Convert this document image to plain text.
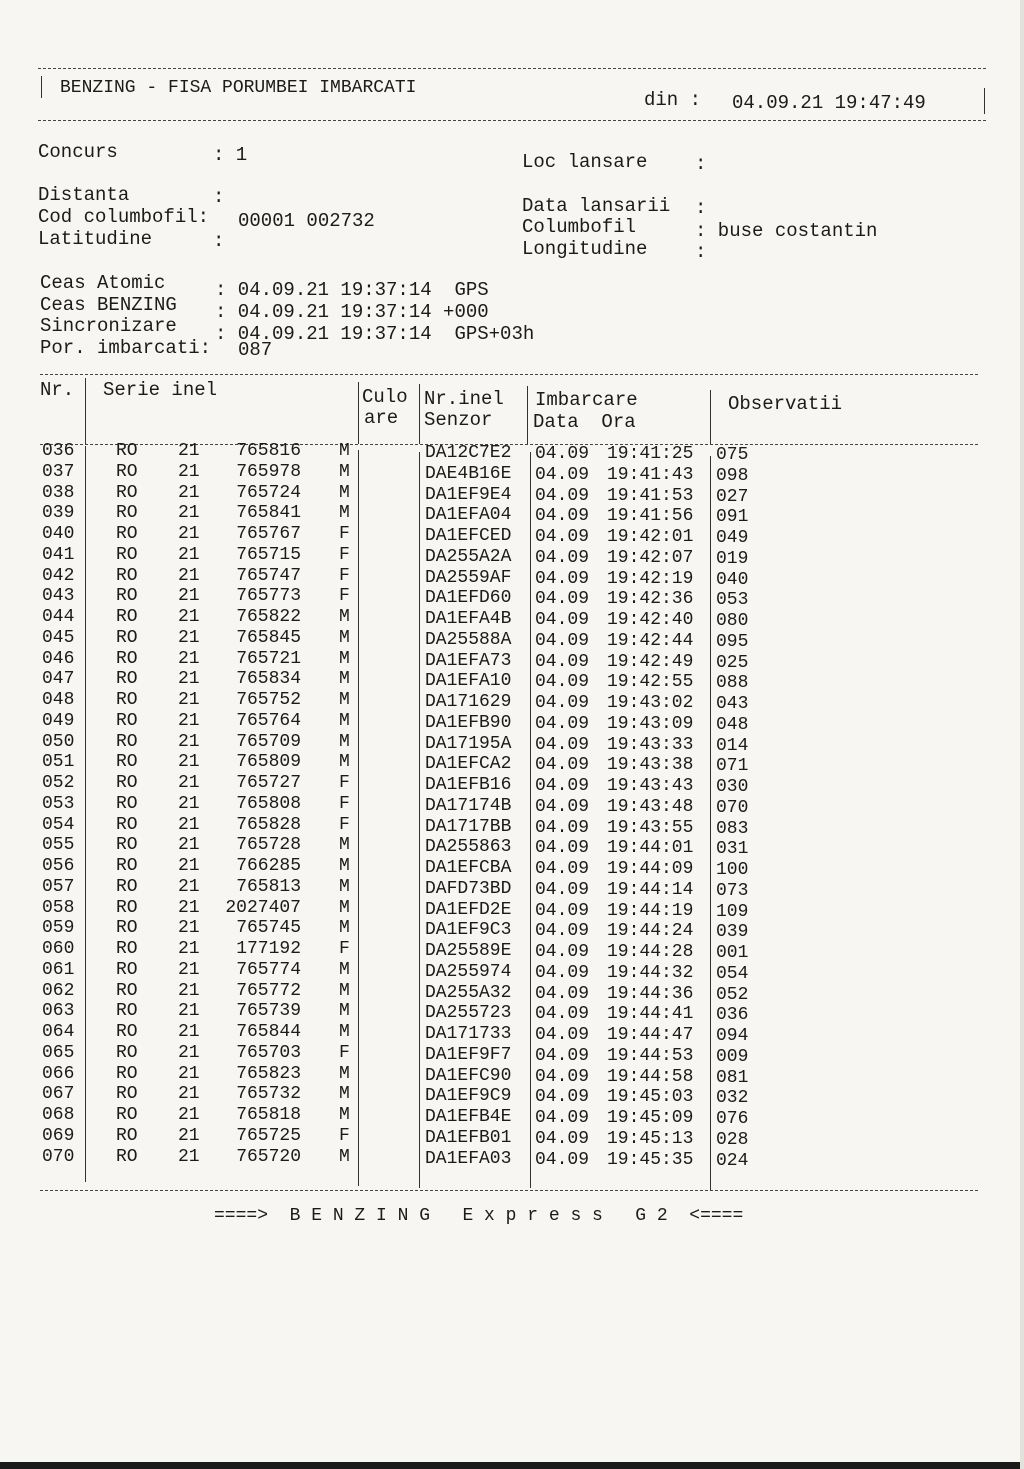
BENZING - FISA PORUMBEI IMBARCATI
din : 04.09.21 19:47:49
Concurs	: 1	Loc lansare	:
Distanta	:
Cod columbofil: 00001 002732
Latitudine	:
Data lansarii :
Columbofil	: buse costantin
Longitudine	:
Ceas Atomic	: 04.09.21 19:37:14  GPS
Ceas BENZING : 04.09.21 19:37:14 +000
Sincronizare : 04.09.21 19:37:14  GPS+03h
Por. imbarcati: 087
Nr. Serie inel	Culo
are
Nr.inel
Senzor
Imbarcare
Data  Ora
Observatii
036 RO 21 765816 M	DA12C7E2 04.09 19:41:25 075
037 RO 21 765978 M	DAE4B16E 04.09 19:41:43 098
038 RO 21 765724 M	DA1EF9E4 04.09 19:41:53 027
039 RO 21 765841 M	DA1EFA04 04.09 19:41:56 091
040 RO 21 765767 F	DA1EFCED 04.09 19:42:01 049
041 RO 21 765715 F	DA255A2A 04.09 19:42:07 019
042 RO 21 765747 F	DA2559AF 04.09 19:42:19 040
043 RO 21 765773 F	DA1EFD60 04.09 19:42:36 053
044 RO 21 765822 M	DA1EFA4B 04.09 19:42:40 080
045 RO 21 765845 M	DA25588A 04.09 19:42:44 095
046 RO 21 765721 M	DA1EFA73 04.09 19:42:49 025
047 RO 21 765834 M	DA1EFA10 04.09 19:42:55 088
048 RO 21 765752 M	DA171629 04.09 19:43:02 043
049 RO 21 765764 M	DA1EFB90 04.09 19:43:09 048
050 RO 21 765709 M	DA17195A 04.09 19:43:33 014
051 RO 21 765809 M	DA1EFCA2 04.09 19:43:38 071
052 RO 21 765727 F	DA1EFB16 04.09 19:43:43 030
053 RO 21 765808 F	DA17174B 04.09 19:43:48 070
054 RO 21 765828 F	DA1717BB 04.09 19:43:55 083
055 RO 21 765728 M	DA255863 04.09 19:44:01 031
056 RO 21 766285 M	DA1EFCBA 04.09 19:44:09 100
057 RO 21 765813 M	DAFD73BD 04.09 19:44:14 073
058 RO 21 2027407 M	DA1EFD2E 04.09 19:44:19 109
059 RO 21 765745 M	DA1EF9C3 04.09 19:44:24 039
060 RO 21 177192 F	DA25589E 04.09 19:44:28 001
061 RO 21 765774 M	DA255974 04.09 19:44:32 054
062 RO 21 765772 M	DA255A32 04.09 19:44:36 052
063 RO 21 765739 M	DA255723 04.09 19:44:41 036
064 RO 21 765844 M	DA171733 04.09 19:44:47 094
065 RO 21 765703 F	DA1EF9F7 04.09 19:44:53 009
066 RO 21 765823 M	DA1EFC90 04.09 19:44:58 081
067 RO 21 765732 M	DA1EF9C9 04.09 19:45:03 032
068 RO 21 765818 M	DA1EFB4E 04.09 19:45:09 076
069 RO 21 765725 F	DA1EFB01 04.09 19:45:13 028
070 RO 21 765720 M	DA1EFA03 04.09 19:45:35 024
====>  B E N Z I N G   E x p r e s s   G 2  <====
